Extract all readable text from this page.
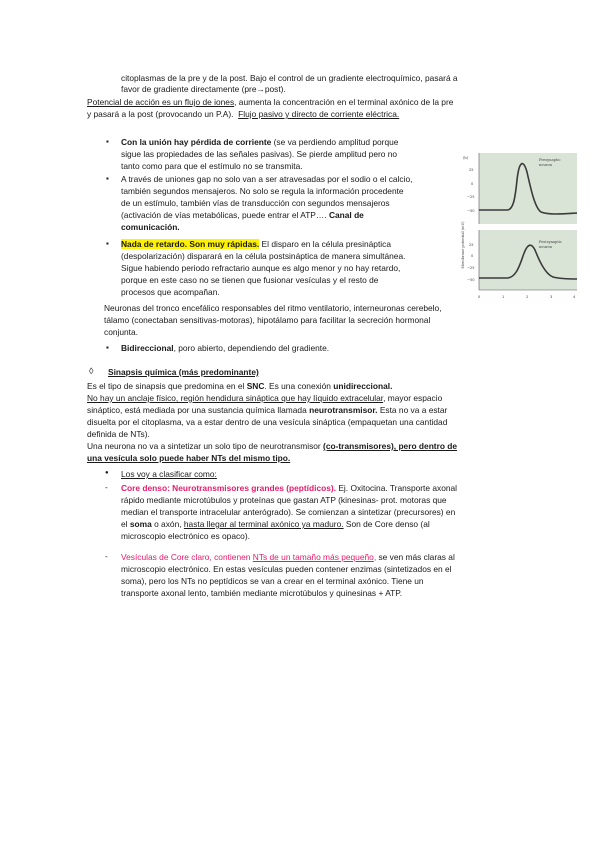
citoplasmas de la pre y de la post. Bajo el control de un gradiente electroquímico, pasará a
favor de gradiente directamente (pre→post).
Potencial de acción es un flujo de iones, aumenta la concentración en el terminal axónico de la pre
y pasará a la post (provocando un P.A). Flujo pasivo y directo de corriente eléctrica.
▪ Con la unión hay pérdida de corriente (se va perdiendo amplitud porque
sigue las propiedades de las señales pasivas). Se pierde amplitud pero no
tanto como para que el estímulo no se transmita.
▪ A través de uniones gap no solo van a ser atravesadas por el sodio o el calcio,
también segundos mensajeros. No solo se regula la información procedente
de un estímulo, también vías de transducción con segundos mensajeros
(activación de vías metabólicas, puede entrar el ATP…. Canal de
comunicación.
▪ Nada de retardo. Son muy rápidas. El disparo en la célula presináptica
(despolarización) disparará en la célula postsináptica de manera simultánea.
Sigue habiendo periodo refractario aunque es algo menor y no hay retardo,
porque en este caso no se tienen que fusionar vesículas y el resto de
procesos que acompañan.
Neuronas del tronco encefálico responsables del ritmo ventilatorio, interneuronas cerebelo,
tálamo (conectaban sensitivas-motoras), hipotálamo para facilitar la secreción hormonal
conjunta.
▪ Bidireccional, poro abierto, dependiendo del gradiente.
◊ Sinapsis química (más predominante)
Es el tipo de sinapsis que predomina en el SNC. Es una conexión unidireccional.
No hay un anclaje físico, región hendidura sináptica que hay líquido extracelular, mayor espacio
sináptico, está mediada por una sustancia química llamada neurotransmisor. Esta no va a estar
disuelta por el citoplasma, va a estar dentro de una vesícula sináptica (empaquetan una cantidad
definida de NTs).
Una neurona no va a sintetizar un solo tipo de neurotransmisor (co-transmisores), pero dentro de
una vesícula solo puede haber NTs del mismo tipo.
● Los voy a clasificar como:
- Core denso: Neurotransmisores grandes (peptídicos). Ej. Oxitocina. Transporte axonal
rápido mediante microtúbulos y proteínas que gastan ATP (kinesinas- prot. motoras que
median el transporte intracelular anterógrado). Se comienzan a sintetizar (precursores) en
el soma o axón, hasta llegar al terminal axónico ya maduro. Son de Core denso (al
microscopio electrónico es opaco).
- Vesículas de Core claro, contienen NTs de un tamaño más pequeño, se ven más claras al
microscopio electrónico. En estas vesículas pueden contener enzimas (sintetizados en el
soma), pero los NTs no peptídicos se van a crear en el terminal axónico. Tiene un
transporte axonal lento, también mediante microtúbulos y quinesinas + ATP.
(b)
Membrane potential (mV)
25
0
−25
−50
Presynaptic
neuron
25
0
−25
−50
Postsynaptic
neuron
0	1	2	3	4
